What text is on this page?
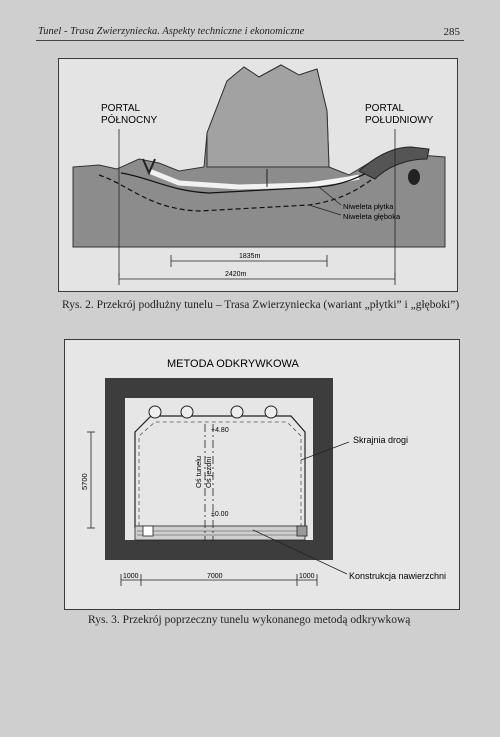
Tunel - Trasa Zwierzyniecka. Aspekty techniczne i ekonomiczne	285
PORTAL
PÓŁNOCNY
PORTAL
POŁUDNIOWY
Niweleta płytka
Niweleta głęboka
1835m
2420m
Rys. 2. Przekrój podłużny tunelu – Trasa Zwierzyniecka (wariant „płytki” i „głęboki”)
METODA ODKRYWKOWA
+4.80
±0.00
Skrajnia drogi
Konstrukcja nawierzchni
Oś tunelu Oś jezdni
5700
1000	7000	1000
Rys. 3. Przekrój poprzeczny tunelu wykonanego metodą odkrywkową
